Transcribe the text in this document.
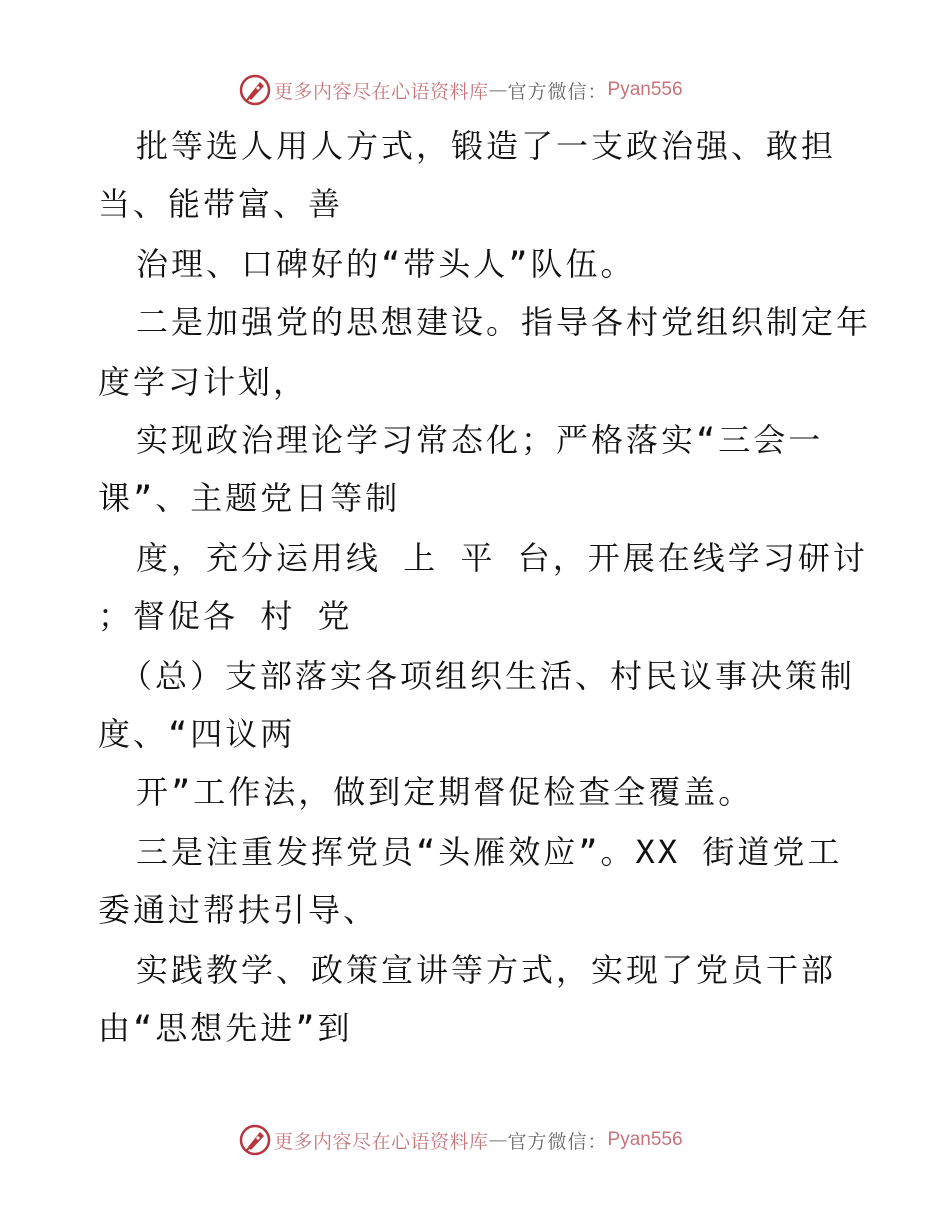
更多内容尽在心语资料库 — 官方微信： Pyan556
批等选人用人方式，锻造了一支政治强、敢担
当、能带富、善
治理、口碑好的“带头人”队伍。
二是加强党的思想建设。指导各村党组织制定年
度学习计划，
实现政治理论学习常态化；严格落实“三会一
课”、主题党日等制
度，充分运用线 上 平 台，开展在线学习研讨
；督促各 村 党
（总）支部落实各项组织生活、村民议事决策制
度、“四议两
开”工作法，做到定期督促检查全覆盖。
三是注重发挥党员“头雁效应”。XX 街道党工
委通过帮扶引导、
实践教学、政策宣讲等方式，实现了党员干部
由“思想先进”到
更多内容尽在心语资料库 — 官方微信： Pyan556
